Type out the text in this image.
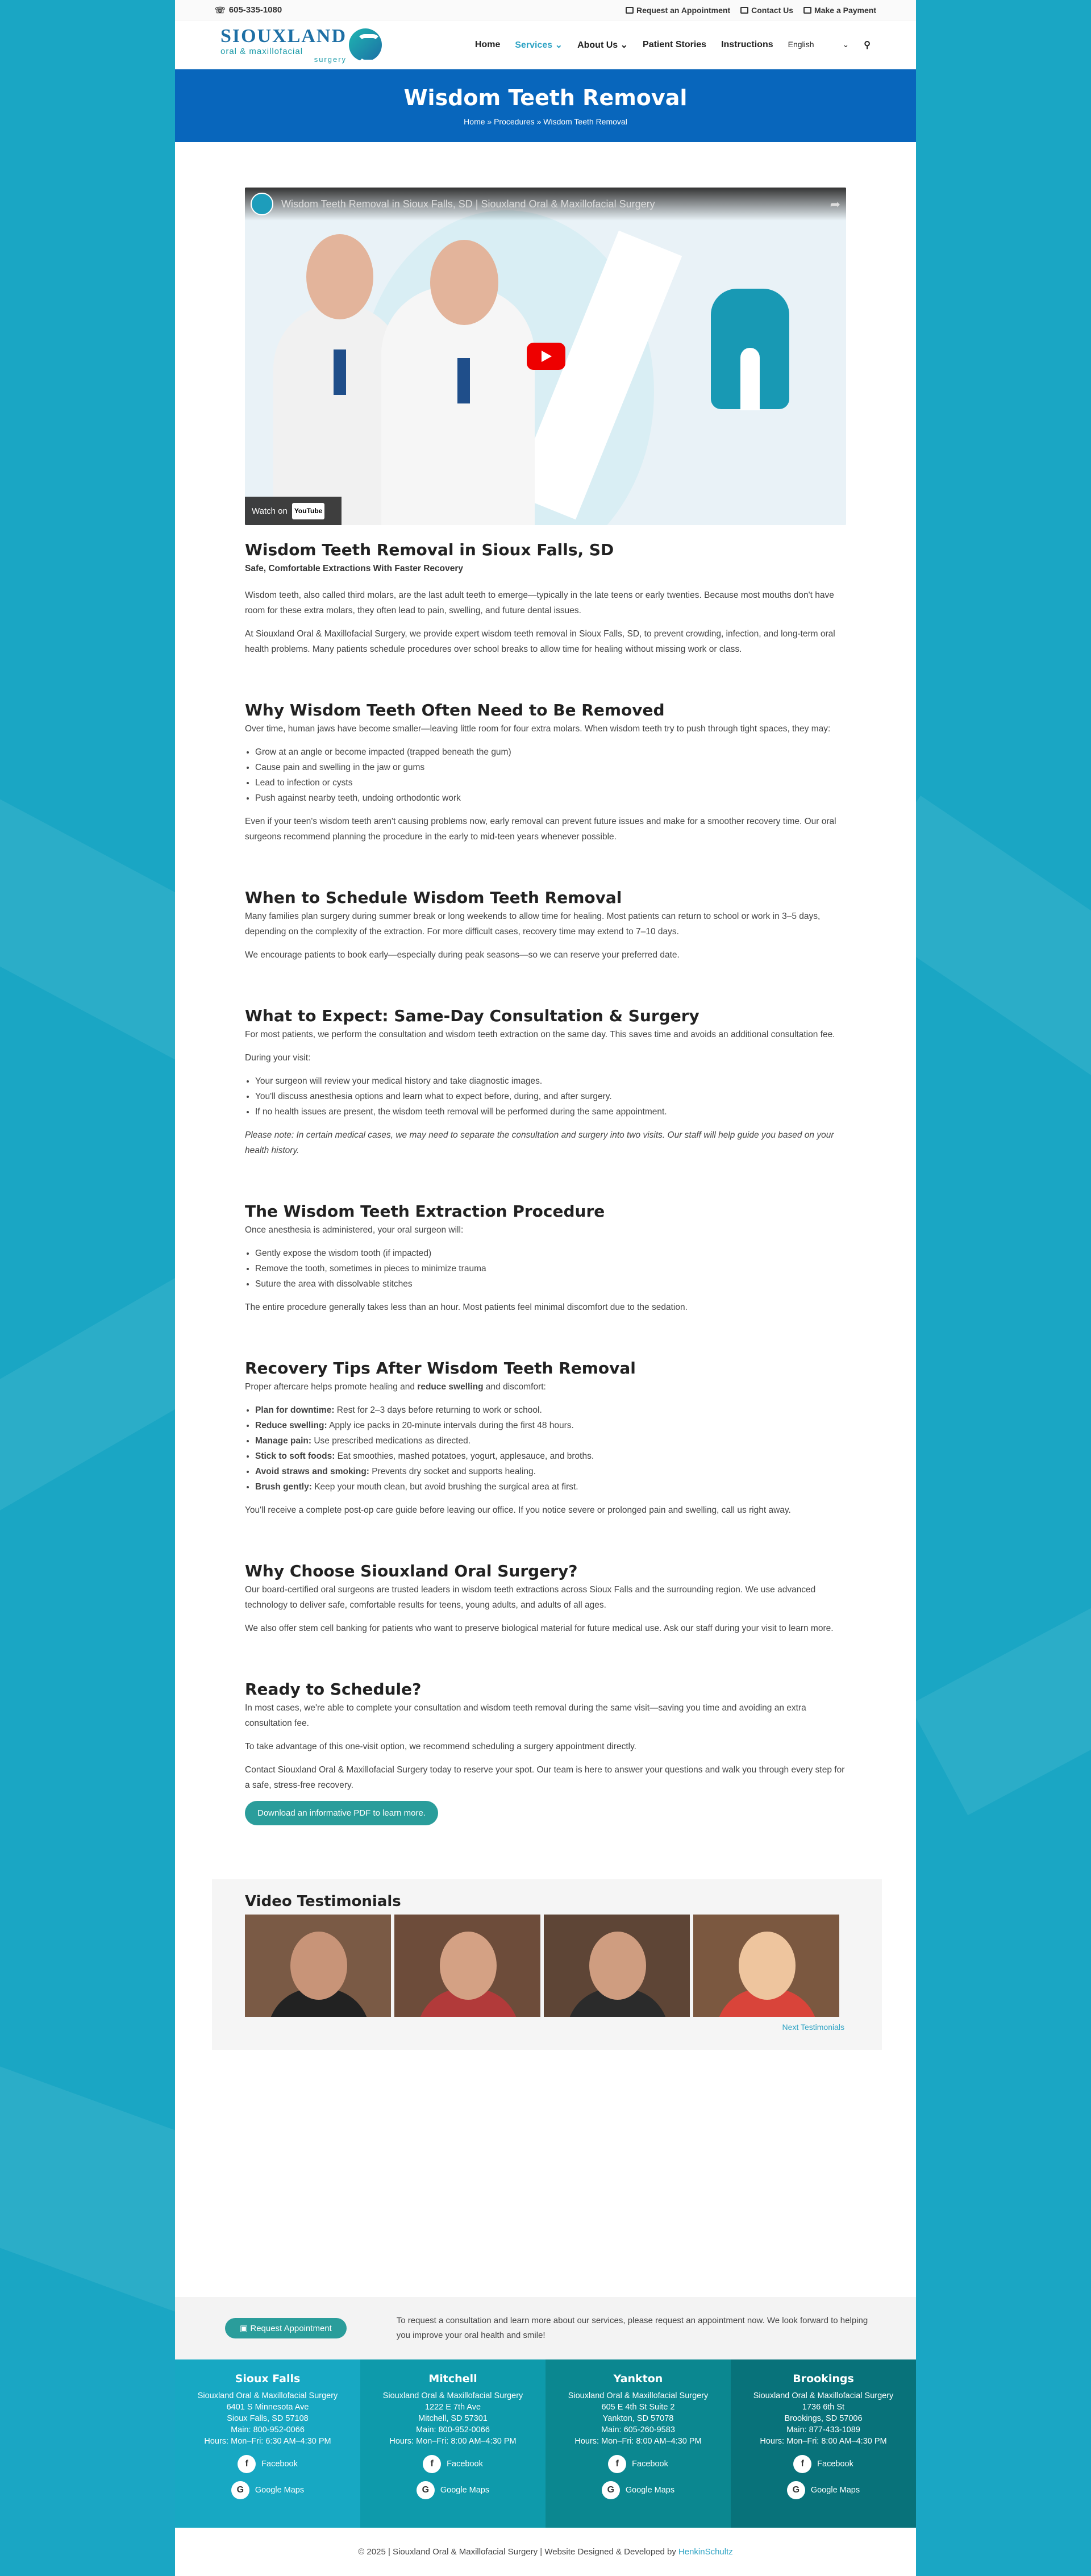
☏ 605-335-1080	Request an Appointment	Contact Us	Make a Payment
SIOUXLAND
oral & maxillofacial
surgery
Home Services ⌄ About Us ⌄ Patient Stories Instructions English	⌄ ⚲
Wisdom Teeth Removal
Home » Procedures » Wisdom Teeth Removal
Wisdom Teeth Removal in Sioux Falls, SD | Siouxland Oral & Maxillofacial Surgery	➦
Watch on	YouTube
Wisdom Teeth Removal in Sioux Falls, SD
Safe, Comfortable Extractions With Faster Recovery

Wisdom teeth, also called third molars, are the last adult teeth to emerge—typically in the late teens or early twenties. Because most mouths don't have room for these extra molars, they often lead to pain, swelling, and future dental issues.

At Siouxland Oral & Maxillofacial Surgery, we provide expert wisdom teeth removal in Sioux Falls, SD, to prevent crowding, infection, and long-term oral health problems. Many patients schedule procedures over school breaks to allow time for healing without missing work or class.

Why Wisdom Teeth Often Need to Be Removed

Over time, human jaws have become smaller—leaving little room for four extra molars. When wisdom teeth try to push through tight spaces, they may:

• Grow at an angle or become impacted (trapped beneath the gum)
• Cause pain and swelling in the jaw or gums
• Lead to infection or cysts
• Push against nearby teeth, undoing orthodontic work

Even if your teen's wisdom teeth aren't causing problems now, early removal can prevent future issues and make for a smoother recovery time. Our oral surgeons recommend planning the procedure in the early to mid-teen years whenever possible.

When to Schedule Wisdom Teeth Removal

Many families plan surgery during summer break or long weekends to allow time for healing. Most patients can return to school or work in 3–5 days, depending on the complexity of the extraction. For more difficult cases, recovery time may extend to 7–10 days.

We encourage patients to book early—especially during peak seasons—so we can reserve your preferred date.

What to Expect: Same-Day Consultation & Surgery

For most patients, we perform the consultation and wisdom teeth extraction on the same day. This saves time and avoids an additional consultation fee.

During your visit:

• Your surgeon will review your medical history and take diagnostic images.
• You'll discuss anesthesia options and learn what to expect before, during, and after surgery.
• If no health issues are present, the wisdom teeth removal will be performed during the same appointment.

Please note: In certain medical cases, we may need to separate the consultation and surgery into two visits. Our staff will help guide you based on your health history.

The Wisdom Teeth Extraction Procedure

Once anesthesia is administered, your oral surgeon will:

• Gently expose the wisdom tooth (if impacted)
• Remove the tooth, sometimes in pieces to minimize trauma
• Suture the area with dissolvable stitches

The entire procedure generally takes less than an hour. Most patients feel minimal discomfort due to the sedation.

Recovery Tips After Wisdom Teeth Removal

Proper aftercare helps promote healing and reduce swelling and discomfort:

• Plan for downtime: Rest for 2–3 days before returning to work or school.
• Reduce swelling: Apply ice packs in 20-minute intervals during the first 48 hours.
• Manage pain: Use prescribed medications as directed.
• Stick to soft foods: Eat smoothies, mashed potatoes, yogurt, applesauce, and broths.
• Avoid straws and smoking: Prevents dry socket and supports healing.
• Brush gently: Keep your mouth clean, but avoid brushing the surgical area at first.

You'll receive a complete post-op care guide before leaving our office. If you notice severe or prolonged pain and swelling, call us right away.

Why Choose Siouxland Oral Surgery?

Our board-certified oral surgeons are trusted leaders in wisdom teeth extractions across Sioux Falls and the surrounding region. We use advanced technology to deliver safe, comfortable results for teens, young adults, and adults of all ages.

We also offer stem cell banking for patients who want to preserve biological material for future medical use. Ask our staff during your visit to learn more.

Ready to Schedule?

In most cases, we're able to complete your consultation and wisdom teeth removal during the same visit—saving you time and avoiding an extra consultation fee.

To take advantage of this one-visit option, we recommend scheduling a surgery appointment directly.

Contact Siouxland Oral & Maxillofacial Surgery today to reserve your spot. Our team is here to answer your questions and walk you through every step for a safe, stress-free recovery.

Download an informative PDF to learn more.
Video Testimonials
Next Testimonials
▣ Request Appointment

To request a consultation and learn more about our services, please request an appointment now. We look forward to helping you improve your oral health and smile!

Sioux Falls
Siouxland Oral & Maxillofacial Surgery
6401 S Minnesota Ave
Sioux Falls, SD 57108
Main: 800-952-0066
Hours: Mon–Fri: 6:30 AM–4:30 PM
f	Facebook
G	Google Maps
Mitchell
Siouxland Oral & Maxillofacial Surgery
1222 E 7th Ave
Mitchell, SD 57301
Main: 800-952-0066
Hours: Mon–Fri: 8:00 AM–4:30 PM
f	Facebook
G	Google Maps
Yankton
Siouxland Oral & Maxillofacial Surgery
605 E 4th St Suite 2
Yankton, SD 57078
Main: 605-260-9583
Hours: Mon–Fri: 8:00 AM–4:30 PM
f	Facebook
G	Google Maps
Brookings
Siouxland Oral & Maxillofacial Surgery
1736 6th St
Brookings, SD 57006
Main: 877-433-1089
Hours: Mon–Fri: 8:00 AM–4:30 PM
f	Facebook
G	Google Maps
© 2025 | Siouxland Oral & Maxillofacial Surgery | Website Designed & Developed by HenkinSchultz
